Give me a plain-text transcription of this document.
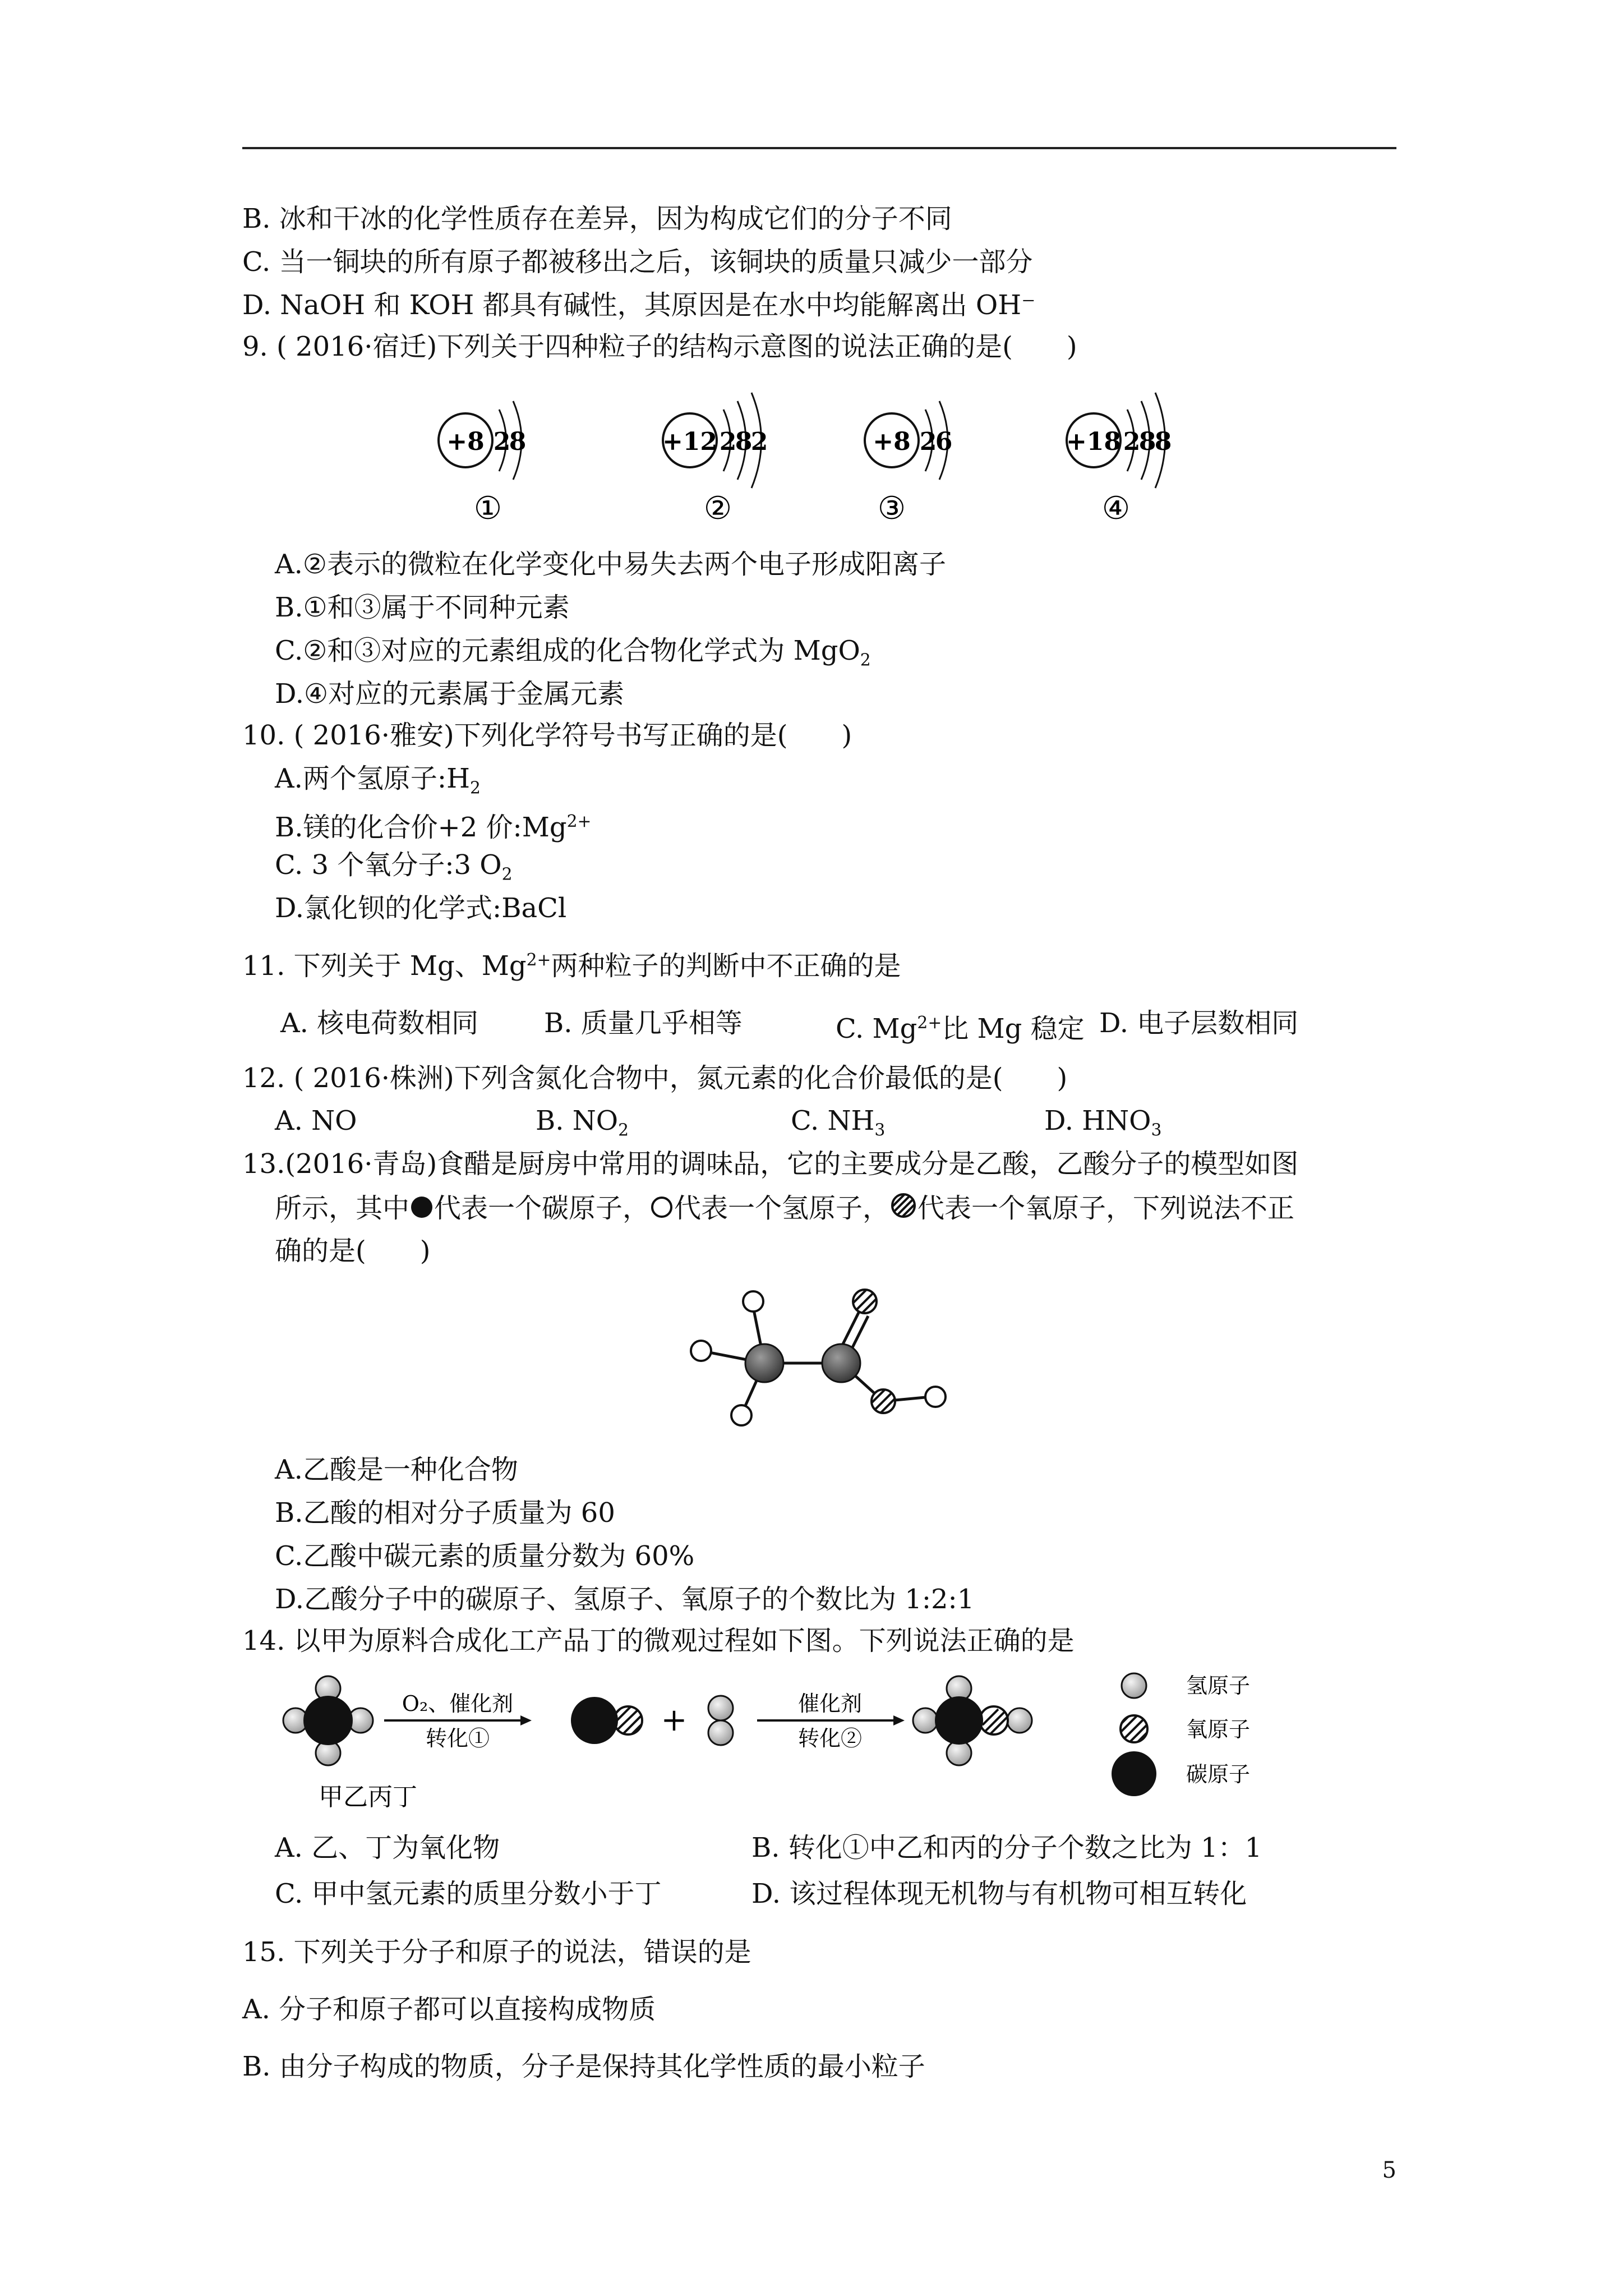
B. 冰和干冰的化学性质存在差异，因为构成它们的分子不同
C. 当一铜块的所有原子都被移出之后，该铜块的质量只减少一部分
D. NaOH 和 KOH 都具有碱性，其原因是在水中均能解离出 OH⁻
9. ( 2016·宿迁)下列关于四种粒子的结构示意图的说法正确的是(　　)
+8 2
8
①
+12 2
8
2
②
+8 2
6
③
+18 2
8
8
④
A.②表示的微粒在化学变化中易失去两个电子形成阳离子
B.①和③属于不同种元素
C.②和③对应的元素组成的化合物化学式为 MgO$_2$
D.④对应的元素属于金属元素
10. ( 2016·雅安)下列化学符号书写正确的是(　　)
A.两个氢原子$:H_2$
B.镁的化合价+2 价$:Mg^{2+}$
C. 3 个氧分子:3 $O_2$
D.氯化钡的化学式:BaCl
11. 下列关于 Mg、$Mg^{2+}$两种粒子的判断中不正确的是
A. 核电荷数相同 B. 质量几乎相等	C. $Mg^{2+}$比 Mg 稳定 D. 电子层数相同
12. ( 2016·株洲)下列含氮化合物中，氮元素的化合价最低的是(　　)
A. NO	B. $NO_2$	C. $NH_3$	D. $HNO_3$
13.(2016·青岛)食醋是厨房中常用的调味品，它的主要成分是乙酸，乙酸分子的模型如图
所示，其中 代表一个碳原子， 代表一个氢原子， 代表一个氧原子，下列说法不正
确的是(　　)
A.乙酸是一种化合物
B.乙酸的相对分子质量为 60
C.乙酸中碳元素的质量分数为 60%
D.乙酸分子中的碳原子、氢原子、氧原子的个数比为 1:2:1
14. 以甲为原料合成化工产品丁的微观过程如下图。下列说法正确的是
O₂、催化剂
转化①	+	催化剂
转化②
氢原子
氧原子
碳原子
甲乙丙丁
A. 乙、丁为氧化物	B. 转化①中乙和丙的分子个数之比为 1：1
C. 甲中氢元素的质里分数小于丁	D. 该过程体现无机物与有机物可相互转化
15. 下列关于分子和原子的说法，错误的是
A. 分子和原子都可以直接构成物质
B. 由分子构成的物质，分子是保持其化学性质的最小粒子
5
